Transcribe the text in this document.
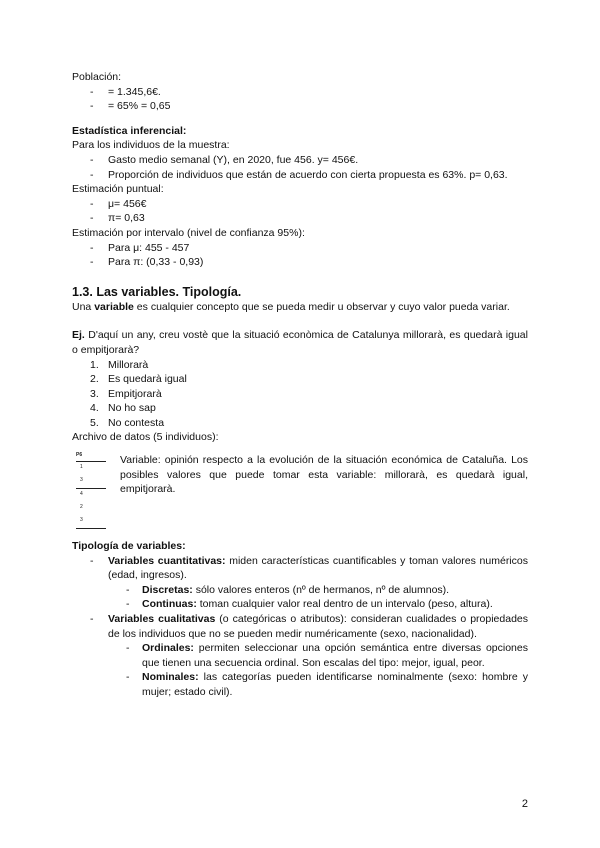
Población:

- = 1.345,6€.
- = 65% = 0,65

Estadística inferencial:

Para los individuos de la muestra:

- Gasto medio semanal (Y), en 2020, fue 456. y= 456€.
- Proporción de individuos que están de acuerdo con cierta propuesta es 63%. p= 0,63.

Estimación puntual:

- μ= 456€
- π= 0,63

Estimación por intervalo (nivel de confianza 95%):

- Para μ: 455 - 457
- Para π: (0,33 - 0,93)
1.3. Las variables. Tipología.

Una variable es cualquier concepto que se pueda medir u observar y cuyo valor pueda variar.

Ej. D'aquí un any, creu vostè que la situació econòmica de Catalunya millorarà, es quedarà igual o empitjorarà?

1. Millorarà
2. Es quedarà igual
3. Empitjorarà
4. No ho sap
5. No contesta

Archivo de datos (5 individuos):

P6
1
3
4
2
3

Variable: opinión respecto a la evolución de la situación económica de Cataluña. Los posibles valores que puede tomar esta variable: millorarà, es quedarà igual, empitjorarà.

Tipología de variables:

- Variables cuantitativas: miden características cuantificables y toman valores numéricos (edad, ingresos).
- Discretas: sólo valores enteros (nº de hermanos, nº de alumnos).
- Continuas: toman cualquier valor real dentro de un intervalo (peso, altura).
- Variables cualitativas (o categóricas o atributos): consideran cualidades o propiedades de los individuos que no se pueden medir numéricamente (sexo, nacionalidad).
- Ordinales: permiten seleccionar una opción semántica entre diversas opciones que tienen una secuencia ordinal. Son escalas del tipo: mejor, igual, peor.
- Nominales: las categorías pueden identificarse nominalmente (sexo: hombre y mujer; estado civil).
2
